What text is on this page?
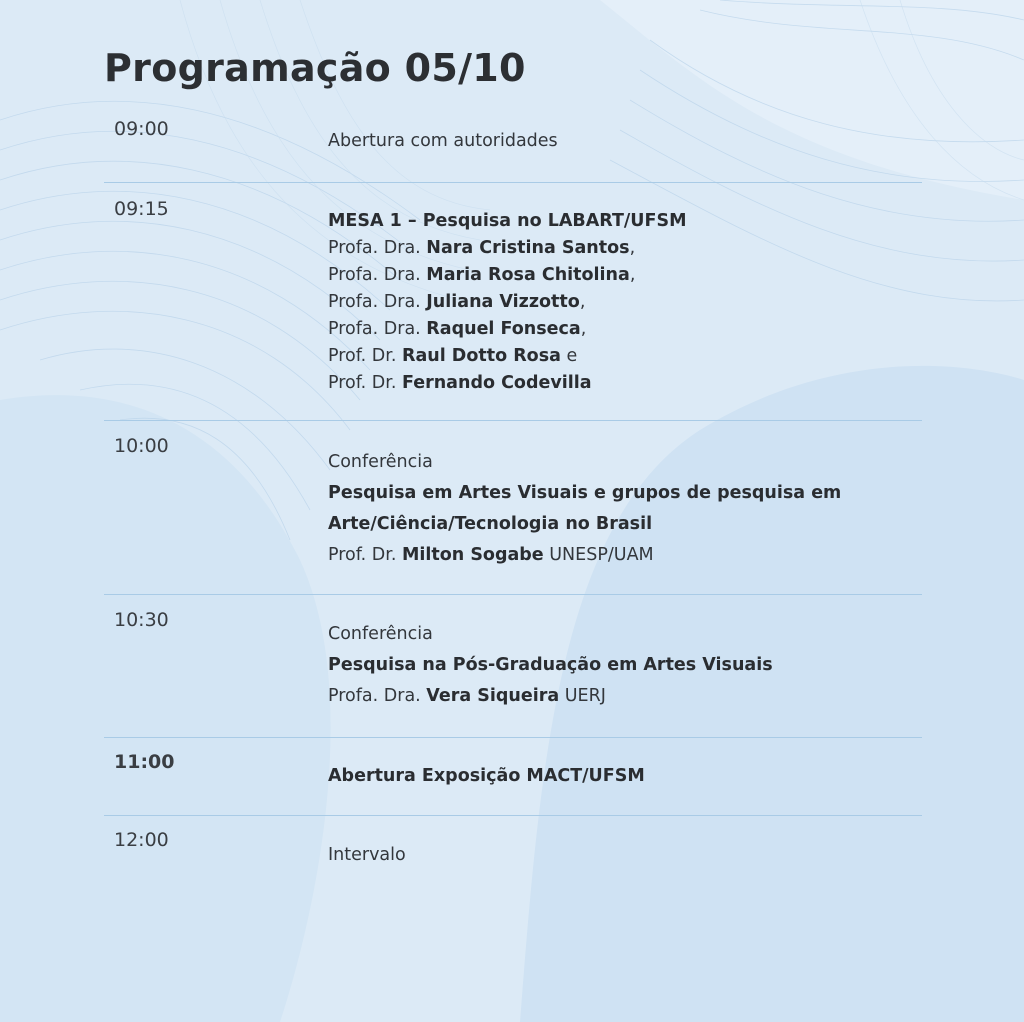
Programação 05/10
09:00
Abertura com autoridades
09:15
MESA 1 – Pesquisa no LABART/UFSM
Profa. Dra. Nara Cristina Santos,
Profa. Dra. Maria Rosa Chitolina,
Profa. Dra. Juliana Vizzotto,
Profa. Dra. Raquel Fonseca,
Prof. Dr. Raul Dotto Rosa e
Prof. Dr. Fernando Codevilla
10:00
Conferência
Pesquisa em Artes Visuais e grupos de pesquisa em
Arte/Ciência/Tecnologia no Brasil
Prof. Dr. Milton Sogabe UNESP/UAM
10:30
Conferência
Pesquisa na Pós-Graduação em Artes Visuais
Profa. Dra. Vera Siqueira UERJ
11:00
Abertura Exposição MACT/UFSM
12:00
Intervalo
